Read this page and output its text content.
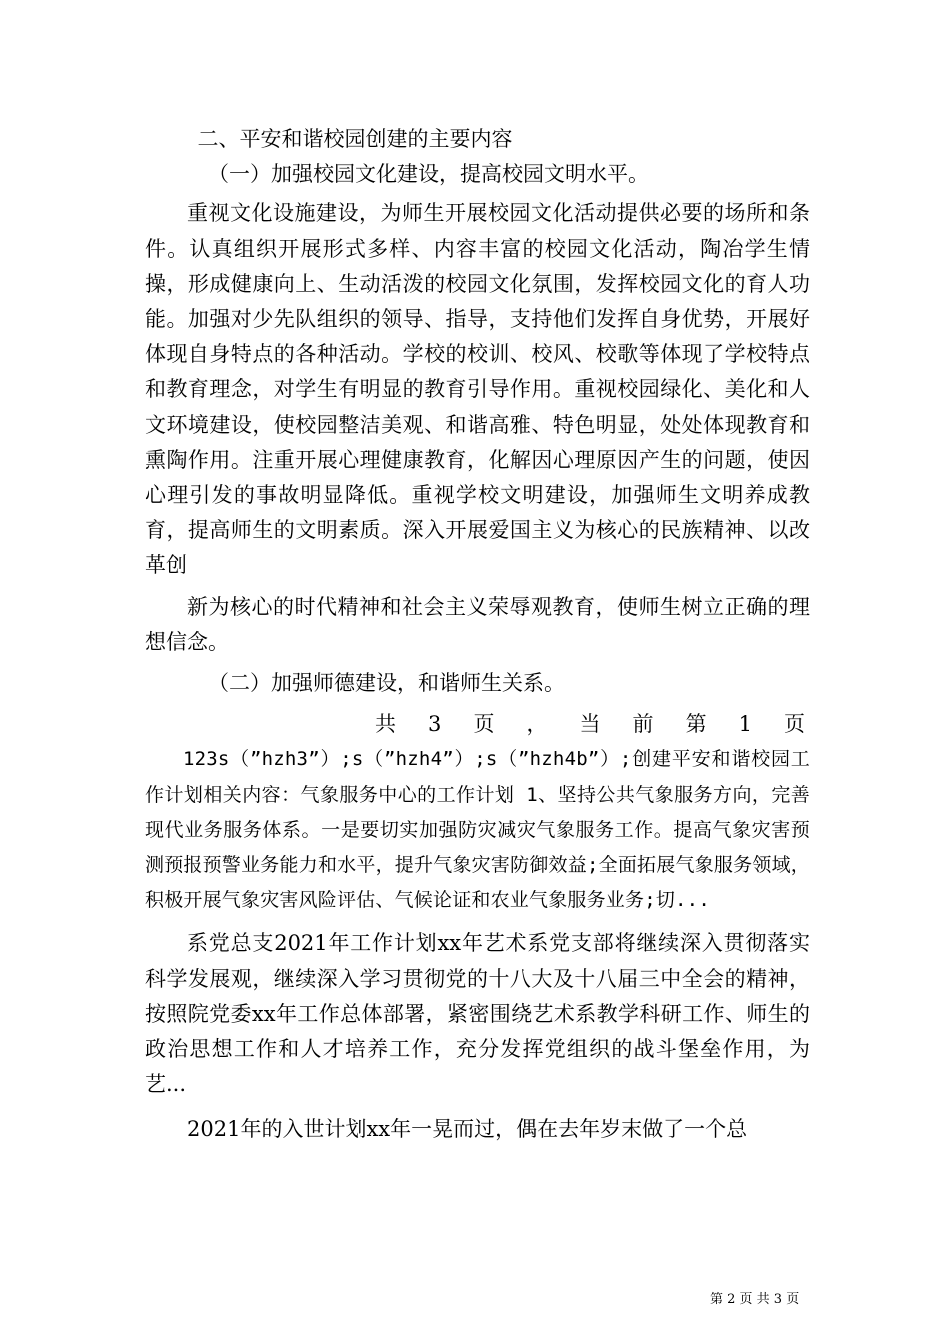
二、平安和谐校园创建的主要内容

（一）加强校园文化建设，提高校园文明水平。

重视文化设施建设，为师生开展校园文化活动提供必要的场所和条件。认真组织开展形式多样、内容丰富的校园文化活动，陶冶学生情操，形成健康向上、生动活泼的校园文化氛围，发挥校园文化的育人功能。加强对少先队组织的领导、指导，支持他们发挥自身优势，开展好体现自身特点的各种活动。学校的校训、校风、校歌等体现了学校特点和教育理念，对学生有明显的教育引导作用。重视校园绿化、美化和人文环境建设，使校园整洁美观、和谐高雅、特色明显，处处体现教育和熏陶作用。注重开展心理健康教育，化解因心理原因产生的问题，使因心理引发的事故明显降低。重视学校文明建设，加强师生文明养成教育，提高师生的文明素质。深入开展爱国主义为核心的民族精神、以改革创

新为核心的时代精神和社会主义荣辱观教育，使师生树立正确的理想信念。

（二）加强师德建设，和谐师生关系。

共 3 页 ， 当 前 第 1 页

123s（”hzh3”）;s（”hzh4”）;s（”hzh4b”）;创建平安和谐校园工作计划相关内容：气象服务中心的工作计划 1、坚持公共气象服务方向，完善现代业务服务体系。一是要切实加强防灾减灾气象服务工作。提高气象灾害预测预报预警业务能力和水平，提升气象灾害防御效益;全面拓展气象服务领域，积极开展气象灾害风险评估、气候论证和农业气象服务业务;切...

系党总支2021年工作计划xx年艺术系党支部将继续深入贯彻落实科学发展观，继续深入学习贯彻党的十八大及十八届三中全会的精神，按照院党委xx年工作总体部署，紧密围绕艺术系教学科研工作、师生的政治思想工作和人才培养工作，充分发挥党组织的战斗堡垒作用，为艺...

2021年的入世计划xx年一晃而过，偶在去年岁末做了一个总

第 2 页 共 3 页
